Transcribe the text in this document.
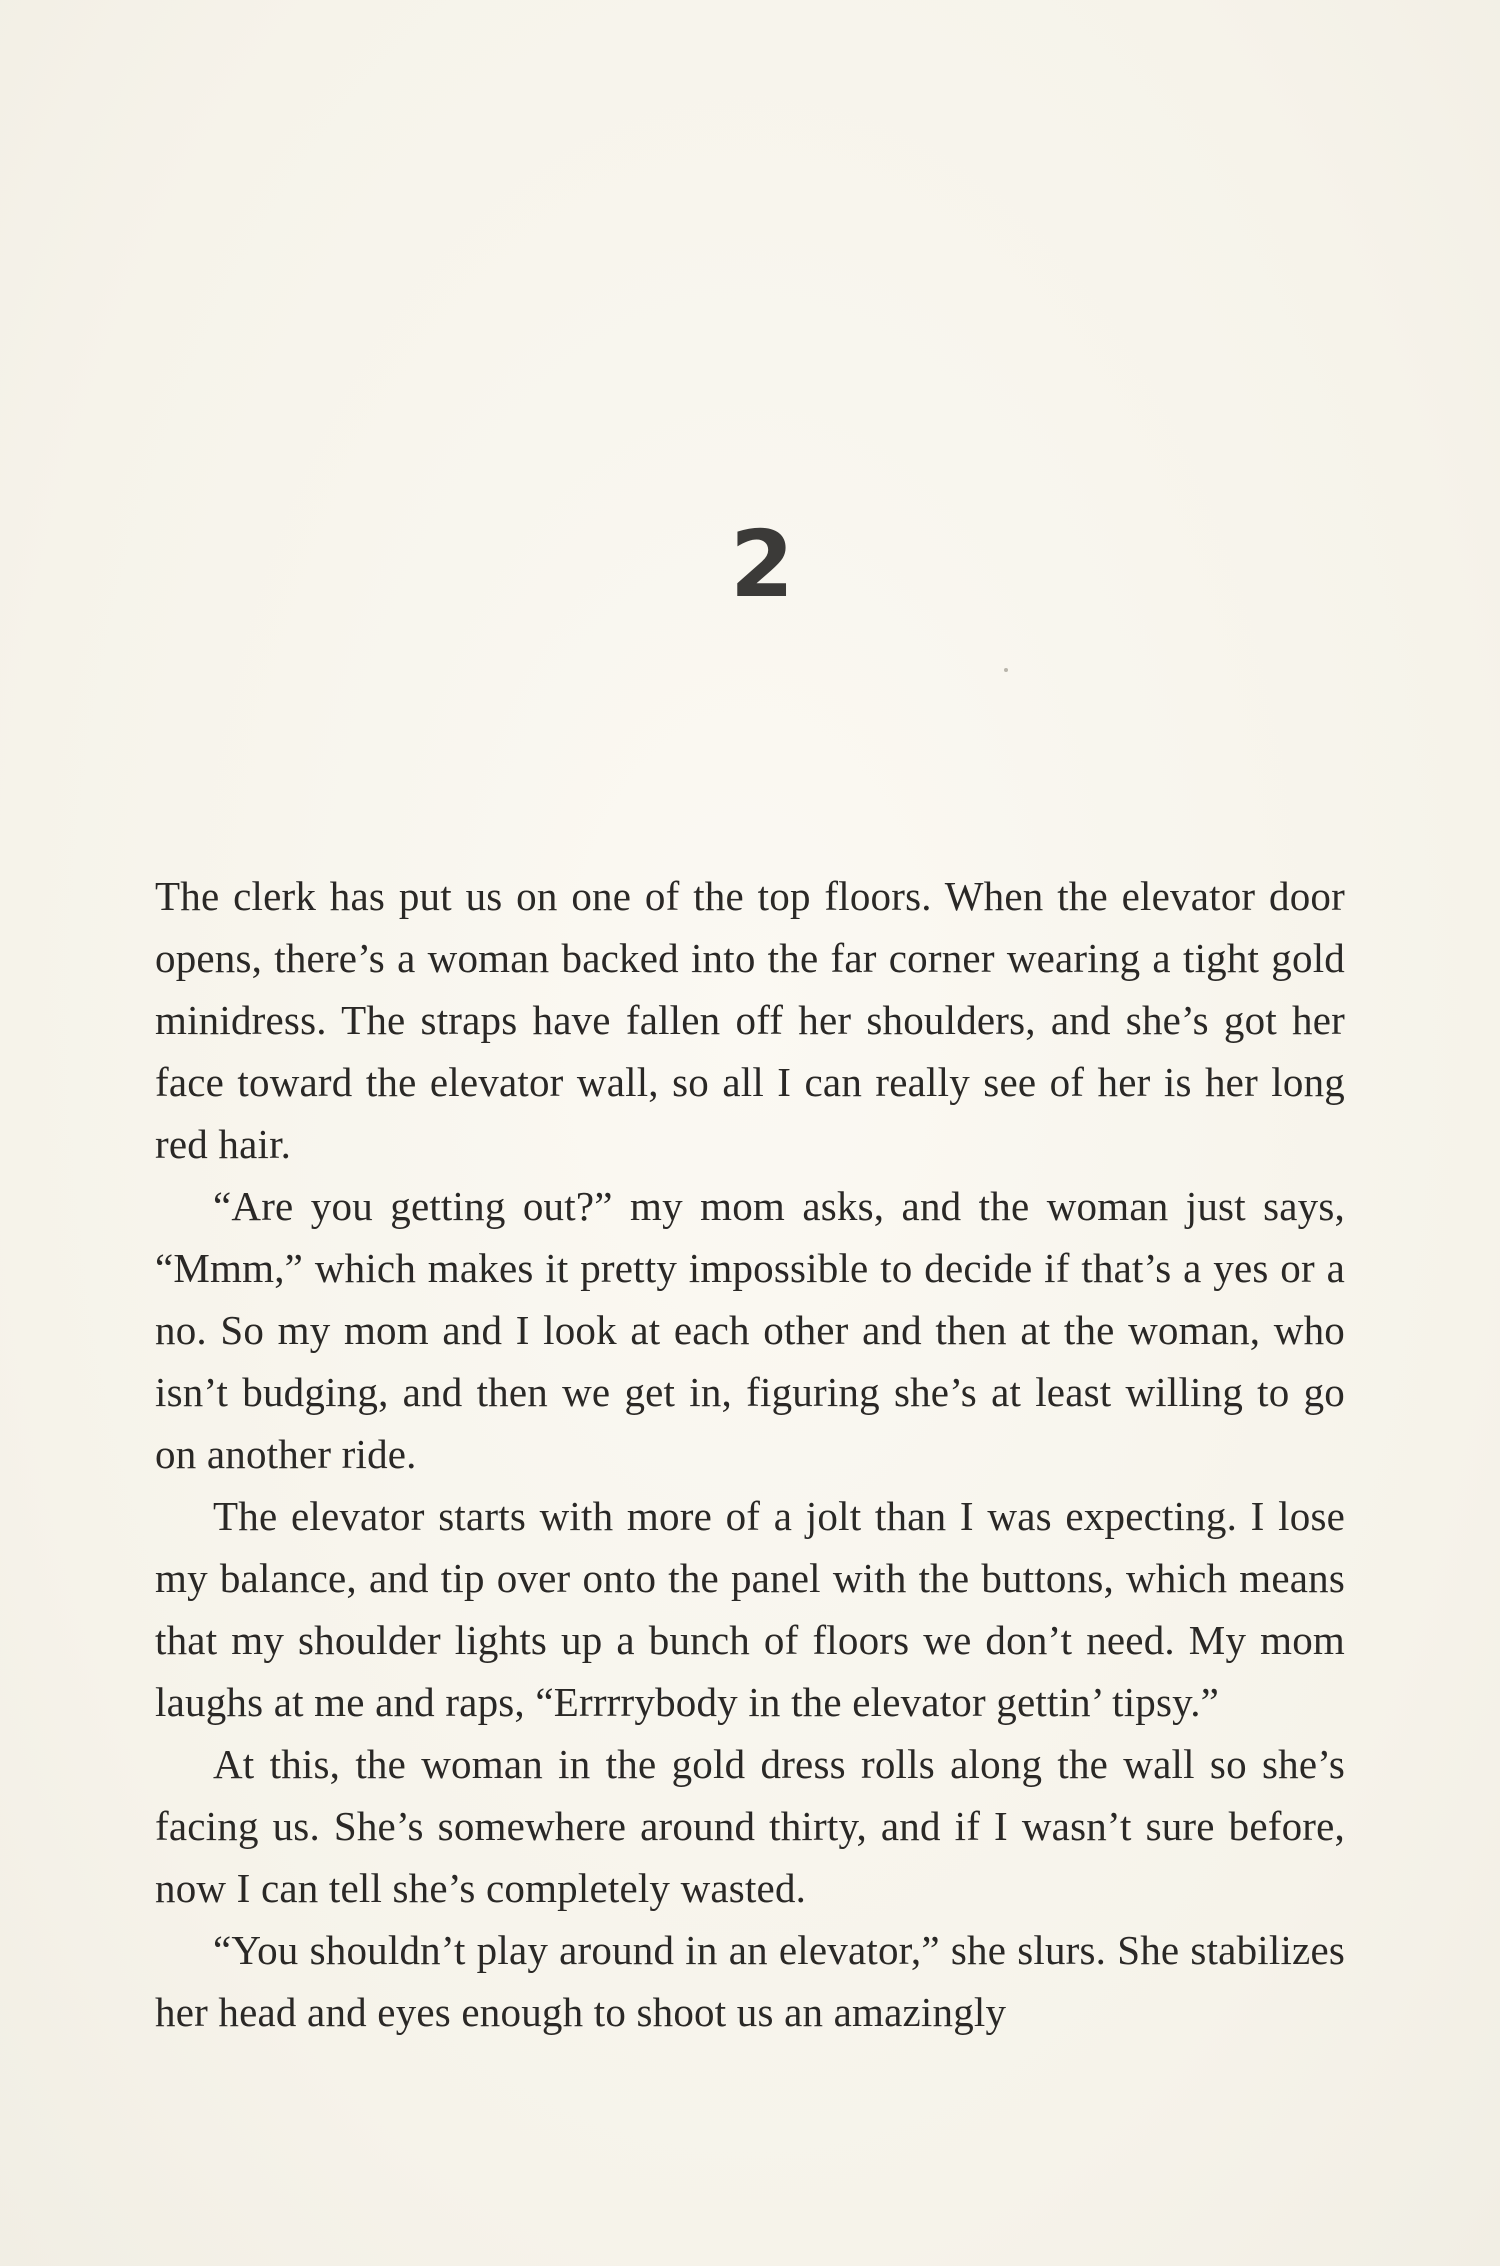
2

The clerk has put us on one of the top floors. When the elevator door opens, there’s a woman backed into the far corner wearing a tight gold minidress. The straps have fallen off her shoulders, and she’s got her face toward the elevator wall, so all I can really see of her is her long red hair.

“Are you getting out?” my mom asks, and the woman just says, “Mmm,” which makes it pretty impossible to decide if that’s a yes or a no. So my mom and I look at each other and then at the woman, who isn’t budging, and then we get in, figuring she’s at least willing to go on another ride.

The elevator starts with more of a jolt than I was expecting. I lose my balance, and tip over onto the panel with the buttons, which means that my shoulder lights up a bunch of floors we don’t need. My mom laughs at me and raps, “Errrrybody in the elevator gettin’ tipsy.”

At this, the woman in the gold dress rolls along the wall so she’s facing us. She’s somewhere around thirty, and if I wasn’t sure before, now I can tell she’s completely wasted.

“You shouldn’t play around in an elevator,” she slurs. She stabilizes her head and eyes enough to shoot us an amazingly
